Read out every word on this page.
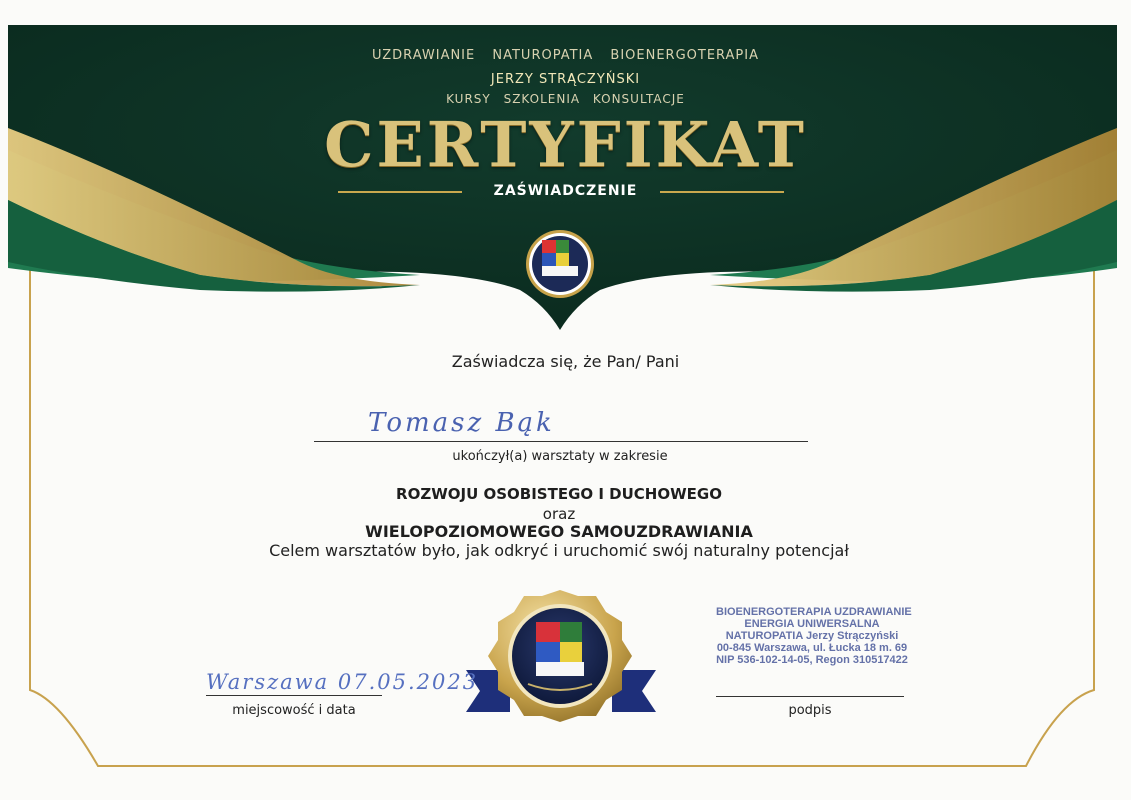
UZDRAWIANIE NATUROPATIA BIOENERGOTERAPIA
JERZY STRĄCZYŃSKI
KURSY SZKOLENIA KONSULTACJE
CERTYFIKAT
ZAŚWIADCZENIE
Zaświadcza się, że Pan/ Pani
Tomasz Bąk
ukończył(a) warsztaty w zakresie
ROZWOJU OSOBISTEGO I DUCHOWEGO
oraz
WIELOPOZIOMOWEGO SAMOUZDRAWIANIA
Celem warsztatów było, jak odkryć i uruchomić swój naturalny potencjał
Warszawa 07.05.2023
miejscowość i data
BIOENERGOTERAPIA UZDRAWIANIE
ENERGIA UNIWERSALNA
NATUROPATIA Jerzy Strączyński
00-845 Warszawa, ul. Łucka 18 m. 69
NIP 536-102-14-05, Regon 310517422
podpis
